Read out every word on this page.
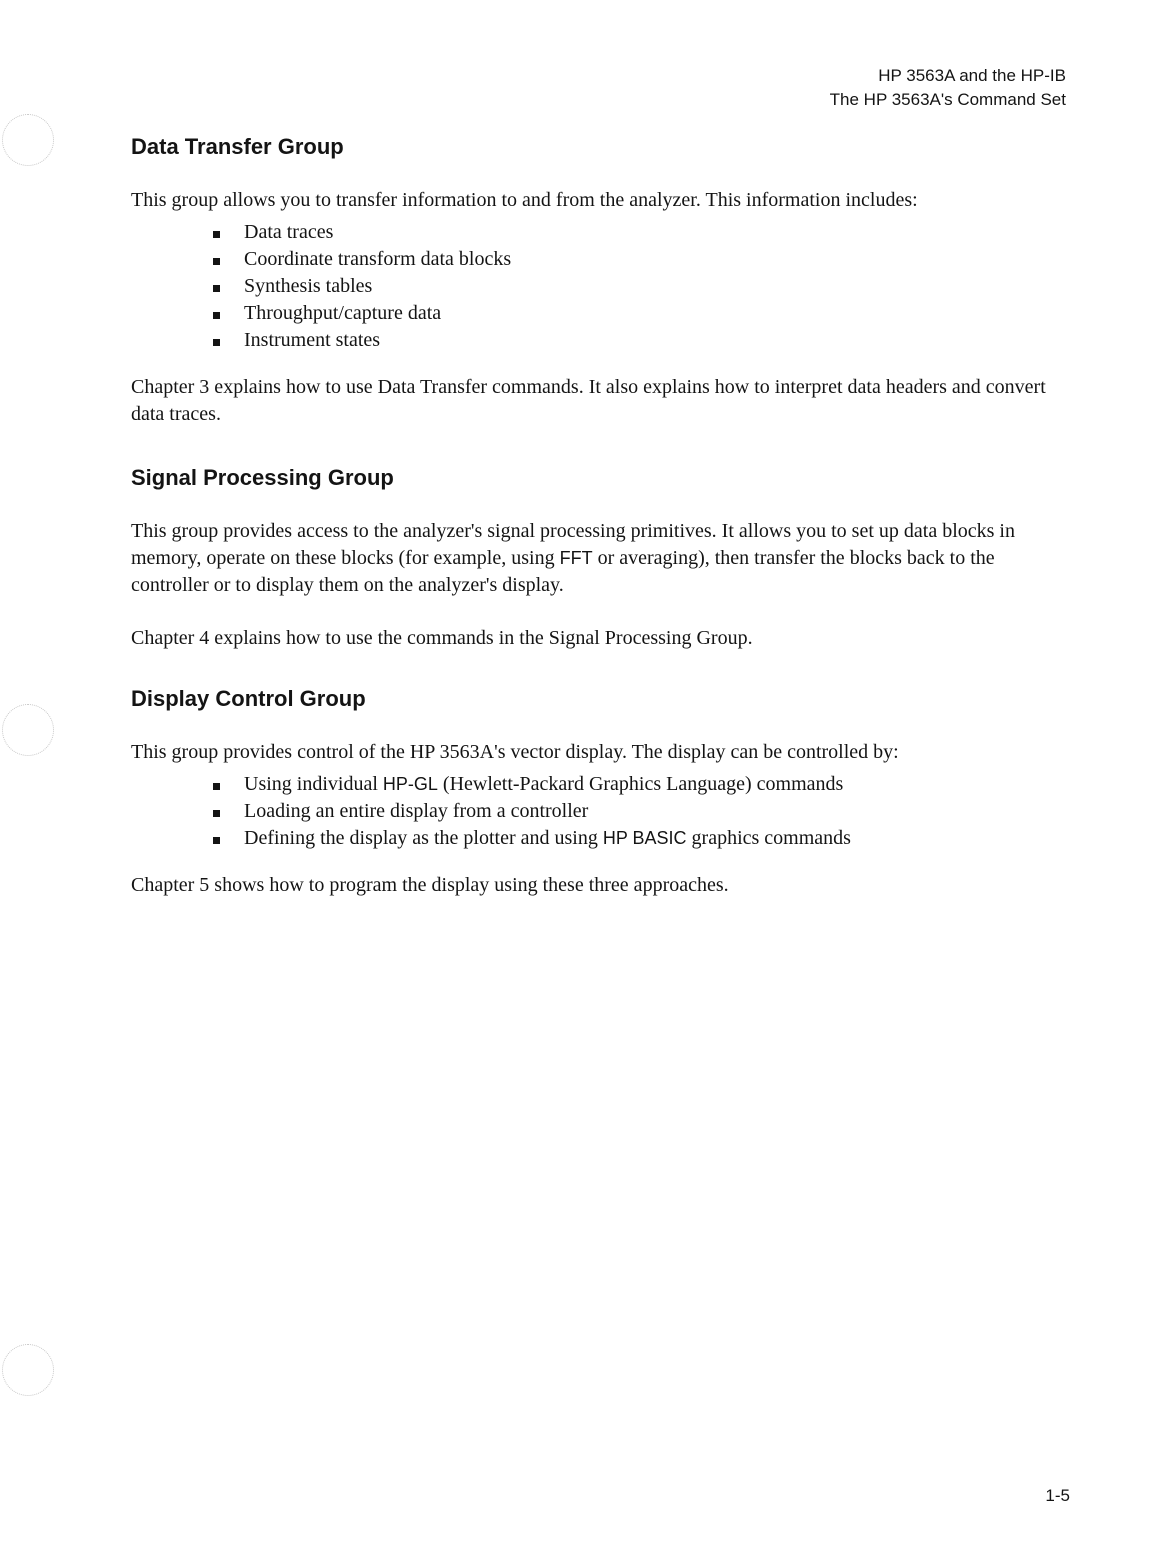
HP 3563A and the HP-IB
The HP 3563A's Command Set
Data Transfer Group

This group allows you to transfer information to and from the analyzer. This information includes:

Data traces
Coordinate transform data blocks
Synthesis tables
Throughput/capture data
Instrument states

Chapter 3 explains how to use Data Transfer commands. It also explains how to interpret data headers and convert data traces.

Signal Processing Group

This group provides access to the analyzer's signal processing primitives. It allows you to set up data blocks in memory, operate on these blocks (for example, using FFT or averaging), then transfer the blocks back to the controller or to display them on the analyzer's display.

Chapter 4 explains how to use the commands in the Signal Processing Group.

Display Control Group

This group provides control of the HP 3563A's vector display. The display can be controlled by:

Using individual HP-GL (Hewlett-Packard Graphics Language) commands
Loading an entire display from a controller
Defining the display as the plotter and using HP BASIC graphics commands

Chapter 5 shows how to program the display using these three approaches.

1-5
